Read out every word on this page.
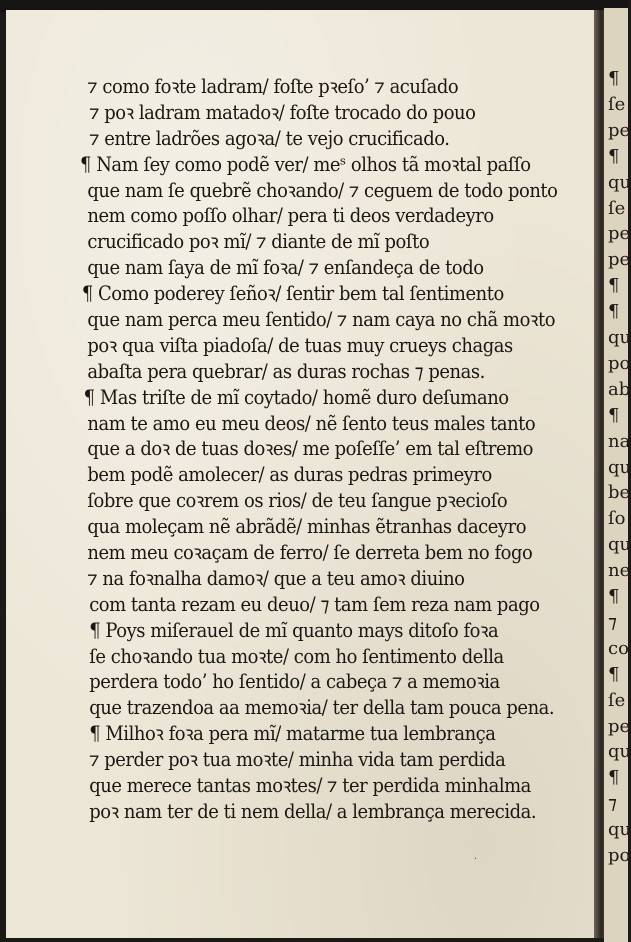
⁊ como foꝛte ladram/ foſte pꝛeſo’ ⁊ acuſado
⁊ poꝛ ladram matadoꝛ/ foſte trocado do pouo
⁊ entre ladrões agoꝛa/ te vejo crucificado.
¶ Nam ſey como podẽ ver/ meˢ olhos tã moꝛtal paſſo
que nam ſe quebrẽ choꝛando/ ⁊ ceguem de todo ponto
nem como poſſo olhar/ pera ti deos verdadeyro
crucificado poꝛ mĩ/ ⁊ diante de mĩ poſto
que nam ſaya de mĩ foꝛa/ ⁊ enſandeça de todo
¶ Como poderey ſeñoꝛ/ ſentir bem tal ſentimento
que nam perca meu ſentido/ ⁊ nam caya no chã moꝛto
poꝛ qua viſta piadoſa/ de tuas muy crueys chagas
abaſta pera quebrar/ as duras rochas ⁊ penas.
¶ Mas triſte de mĩ coytado/ homẽ duro deſumano
nam te amo eu meu deos/ nẽ ſento teus males tanto
que a doꝛ de tuas doꝛes/ me poſeſſe’ em tal eſtremo
bem podẽ amolecer/ as duras pedras primeyro
ſobre que coꝛrem os rios/ de teu ſangue pꝛecioſo
qua moleçam nẽ abrãdẽ/ minhas ẽtranhas daceyro
nem meu coꝛaçam de ferro/ ſe derreta bem no fogo
⁊ na foꝛnalha damoꝛ/ que a teu amoꝛ diuino
com tanta rezam eu deuo/ ⁊ tam ſem reza nam pago
¶ Poys miſerauel de mĩ quanto mays ditoſo foꝛa
ſe choꝛando tua moꝛte/ com ho ſentimento della
perdera todo’ ho ſentido/ a cabeça ⁊ a memoꝛia
que trazendoa aa memoꝛia/ ter della tam pouca pena.
¶ Milhoꝛ foꝛa pera mĩ/ matarme tua lembrança
⁊ perder poꝛ tua moꝛte/ minha vida tam perdida
que merece tantas moꝛtes/ ⁊ ter perdida minhalma
poꝛ nam ter de ti nem della/ a lembrança merecida.
·
¶
ſe
pe
¶
qu
ſe
pe
pe
¶
¶
qu
po
ab
¶
na
qu
be
ſo
qu
ne
¶
⁊
co
¶
ſe
pe
qu
¶
⁊
qu
po
